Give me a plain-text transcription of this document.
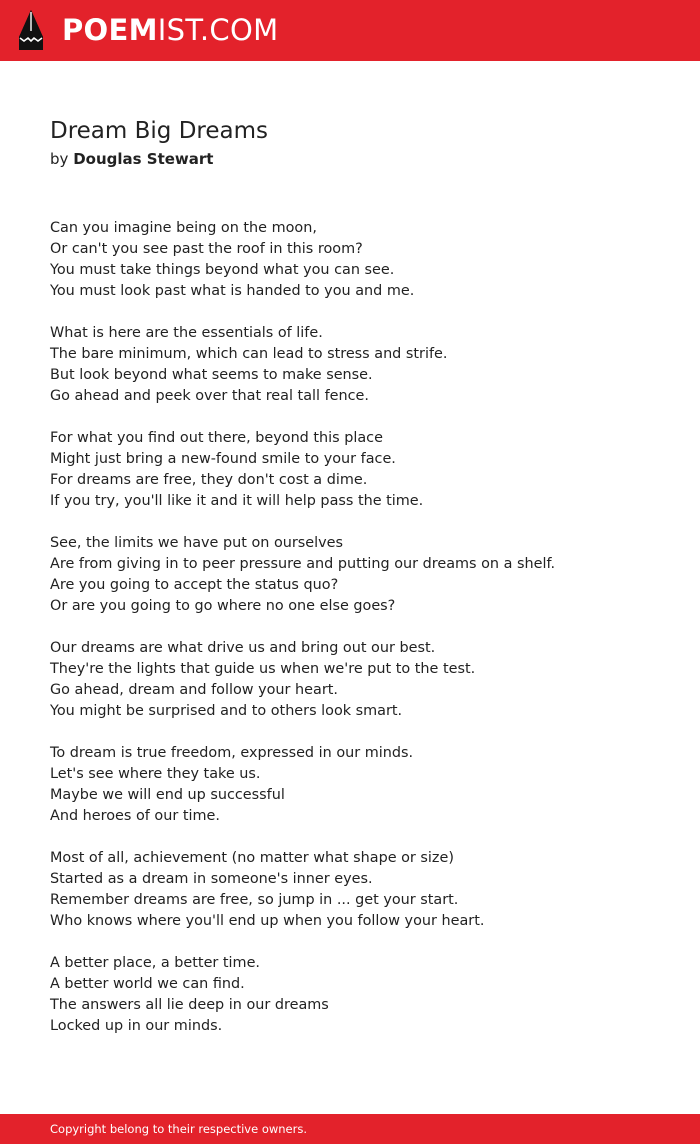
POEMIST.COM
Dream Big Dreams
by Douglas Stewart
Can you imagine being on the moon,
Or can't you see past the roof in this room?
You must take things beyond what you can see.
You must look past what is handed to you and me.
What is here are the essentials of life.
The bare minimum, which can lead to stress and strife.
But look beyond what seems to make sense.
Go ahead and peek over that real tall fence.
For what you find out there, beyond this place
Might just bring a new-found smile to your face.
For dreams are free, they don't cost a dime.
If you try, you'll like it and it will help pass the time.
See, the limits we have put on ourselves
Are from giving in to peer pressure and putting our dreams on a shelf.
Are you going to accept the status quo?
Or are you going to go where no one else goes?
Our dreams are what drive us and bring out our best.
They're the lights that guide us when we're put to the test.
Go ahead, dream and follow your heart.
You might be surprised and to others look smart.
To dream is true freedom, expressed in our minds.
Let's see where they take us.
Maybe we will end up successful
And heroes of our time.
Most of all, achievement (no matter what shape or size)
Started as a dream in someone's inner eyes.
Remember dreams are free, so jump in ... get your start.
Who knows where you'll end up when you follow your heart.
A better place, a better time.
A better world we can find.
The answers all lie deep in our dreams
Locked up in our minds.
Copyright belong to their respective owners.
